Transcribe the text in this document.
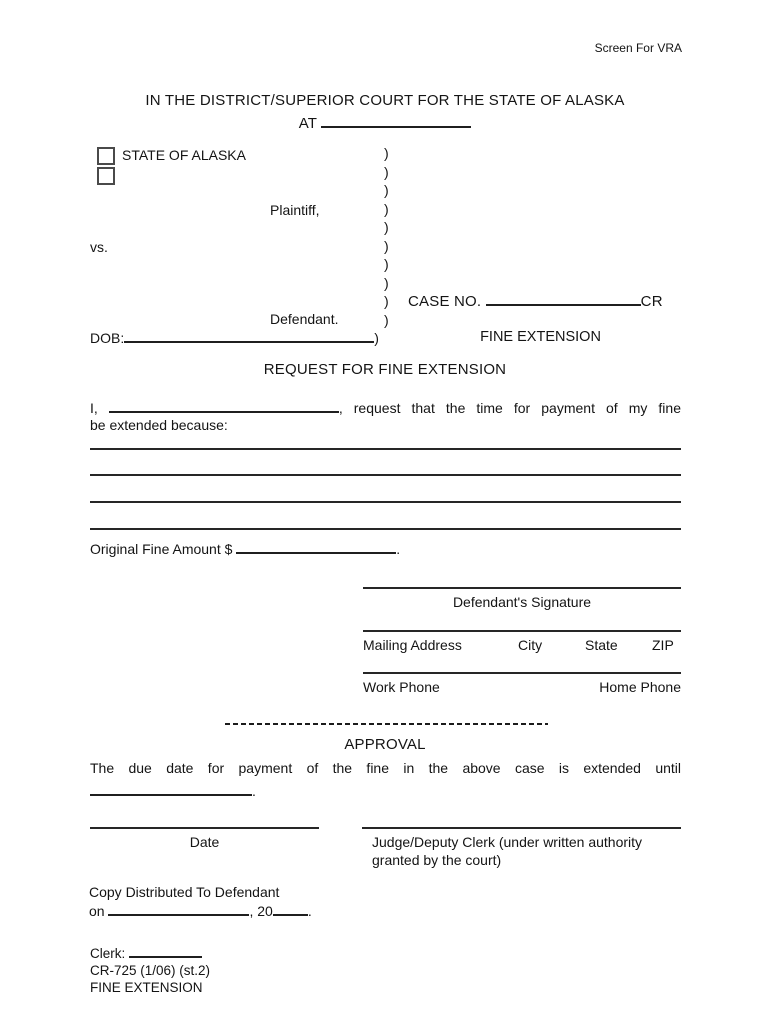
Screen For VRA
IN THE DISTRICT/SUPERIOR COURT FOR THE STATE OF ALASKA
AT
STATE OF ALASKA
Plaintiff,
vs.
Defendant.
DOB:	)
)
)
)
)
)
)
)
)
)
)
CASE NO.	CR
FINE EXTENSION
REQUEST FOR FINE EXTENSION
I,	, request that the time for payment of my fine
be extended because:
Original Fine Amount $	.
Defendant's Signature
Mailing Address	City	State ZIP
Work Phone	Home Phone
APPROVAL
The due date for payment of the fine in the above case is extended until
.
Date	Judge/Deputy Clerk (under written authority
granted by the court)
Copy Distributed To Defendant
on	, 20	.
Clerk:
CR-725 (1/06) (st.2)
FINE EXTENSION
